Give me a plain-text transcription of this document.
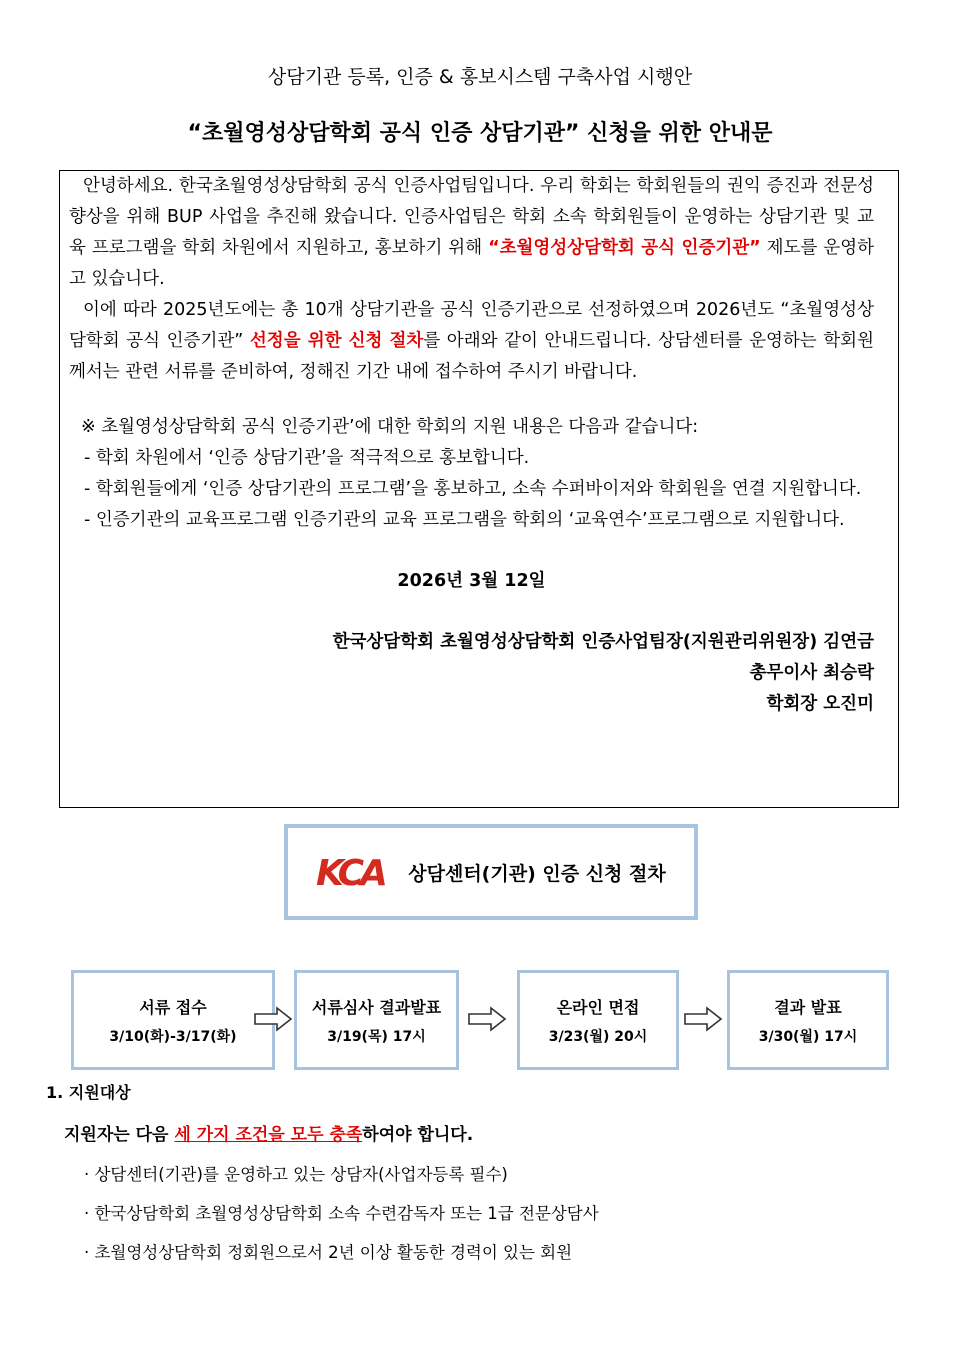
상담기관 등록, 인증 & 홍보시스템 구축사업 시행안
“초월영성상담학회 공식 인증 상담기관” 신청을 위한 안내문

안녕하세요. 한국초월영성상담학회 공식 인증사업팀입니다. 우리 학회는 학회원들의 권익 증진과 전문성 향상을 위해 BUP 사업을 추진해 왔습니다. 인증사업팀은 학회 소속 학회원들이 운영하는 상담기관 및 교육 프로그램을 학회 차원에서 지원하고, 홍보하기 위해 “초월영성상담학회 공식 인증기관” 제도를 운영하고 있습니다.

이에 따라 2025년도에는 총 10개 상담기관을 공식 인증기관으로 선정하였으며 2026년도 “초월영성상담학회 공식 인증기관” 선정을 위한 신청 절차를 아래와 같이 안내드립니다. 상담센터를 운영하는 학회원께서는 관련 서류를 준비하여, 정해진 기간 내에 접수하여 주시기 바랍니다.

※ 초월영성상담학회 공식 인증기관’에 대한 학회의 지원 내용은 다음과 같습니다:

- 학회 차원에서 ‘인증 상담기관’을 적극적으로 홍보합니다.

- 학회원들에게 ‘인증 상담기관의 프로그램’을 홍보하고, 소속 수퍼바이저와 학회원을 연결 지원합니다.

- 인증기관의 교육프로그램 인증기관의 교육 프로그램을 학회의 ‘교육연수’프로그램으로 지원합니다.

2026년 3월 12일

한국상담학회 초월영성상담학회 인증사업팀장(지원관리위원장) 김연금

총무이사 최승락

학회장 오진미

KCA 상담센터(기관) 인증 신청 절차
서류 접수
3/10(화)-3/17(화)
서류심사 결과발표
3/19(목) 17시
온라인 면접
3/23(월) 20시
결과 발표
3/30(월) 17시
1. 지원대상
지원자는 다음 세 가지 조건을 모두 충족하여야 합니다.
· 상담센터(기관)를 운영하고 있는 상담자(사업자등록 필수)
· 한국상담학회 초월영성상담학회 소속 수련감독자 또는 1급 전문상담사
· 초월영성상담학회 정회원으로서 2년 이상 활동한 경력이 있는 회원
